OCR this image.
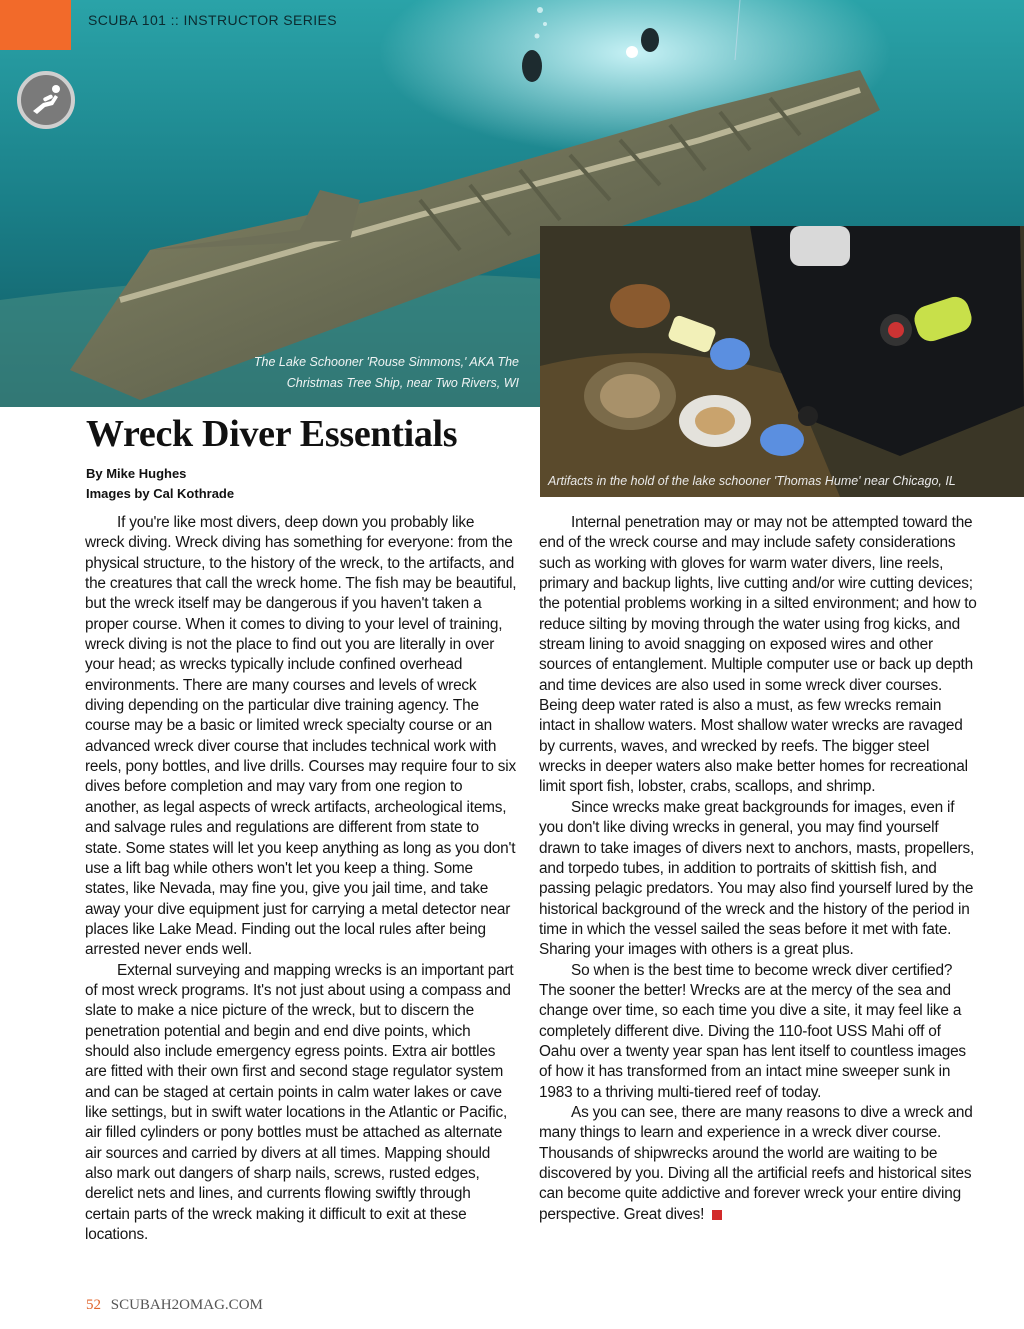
SCUBA 101 :: INSTRUCTOR SERIES
The Lake Schooner 'Rouse Simmons,' AKA The Christmas Tree Ship, near Two Rivers, WI
Artifacts in the hold of the lake schooner 'Thomas Hume' near Chicago, IL
Wreck Diver Essentials
By Mike Hughes
Images by Cal Kothrade

If you're like most divers, deep down you probably like wreck diving. Wreck diving has something for everyone: from the physical structure, to the history of the wreck, to the artifacts, and the creatures that call the wreck home. The fish may be beautiful, but the wreck itself may be dangerous if you haven't taken a proper course. When it comes to diving to your level of training, wreck diving is not the place to find out you are literally in over your head; as wrecks typically include confined overhead environments. There are many courses and levels of wreck diving depending on the particular dive training agency. The course may be a basic or limited wreck specialty course or an advanced wreck diver course that includes technical work with reels, pony bottles, and live drills. Courses may require four to six dives before completion and may vary from one region to another, as legal aspects of wreck artifacts, archeological items, and salvage rules and regulations are different from state to state. Some states will let you keep anything as long as you don't use a lift bag while others won't let you keep a thing. Some states, like Nevada, may fine you, give you jail time, and take away your dive equipment just for carrying a metal detector near places like Lake Mead. Finding out the local rules after being arrested never ends well.

External surveying and mapping wrecks is an important part of most wreck programs. It's not just about using a compass and slate to make a nice picture of the wreck, but to discern the penetration potential and begin and end dive points, which should also include emergency egress points. Extra air bottles are fitted with their own first and second stage regulator system and can be staged at certain points in calm water lakes or cave like settings, but in swift water locations in the Atlantic or Pacific, air filled cylinders or pony bottles must be attached as alternate air sources and carried by divers at all times. Mapping should also mark out dangers of sharp nails, screws, rusted edges, derelict nets and lines, and currents flowing swiftly through certain parts of the wreck making it difficult to exit at these locations.

Internal penetration may or may not be attempted toward the end of the wreck course and may include safety considerations such as working with gloves for warm water divers, line reels, primary and backup lights, live cutting and/or wire cutting devices; the potential problems working in a silted environment; and how to reduce silting by moving through the water using frog kicks, and stream lining to avoid snagging on exposed wires and other sources of entanglement. Multiple computer use or back up depth and time devices are also used in some wreck diver courses. Being deep water rated is also a must, as few wrecks remain intact in shallow waters. Most shallow water wrecks are ravaged by currents, waves, and wrecked by reefs. The bigger steel wrecks in deeper waters also make better homes for recreational limit sport fish, lobster, crabs, scallops, and shrimp.

Since wrecks make great backgrounds for images, even if you don't like diving wrecks in general, you may find yourself drawn to take images of divers next to anchors, masts, propellers, and torpedo tubes, in addition to portraits of skittish fish, and passing pelagic predators. You may also find yourself lured by the historical background of the wreck and the history of the period in time in which the vessel sailed the seas before it met with fate. Sharing your images with others is a great plus.

So when is the best time to become wreck diver certified? The sooner the better! Wrecks are at the mercy of the sea and change over time, so each time you dive a site, it may feel like a completely different dive. Diving the 110-foot USS Mahi off of Oahu over a twenty year span has lent itself to countless images of how it has transformed from an intact mine sweeper sunk in 1983 to a thriving multi-tiered reef of today.

As you can see, there are many reasons to dive a wreck and many things to learn and experience in a wreck diver course. Thousands of shipwrecks around the world are waiting to be discovered by you. Diving all the artificial reefs and historical sites can become quite addictive and forever wreck your entire diving perspective. Great dives!

52 SCUBAH2OMAG.COM
